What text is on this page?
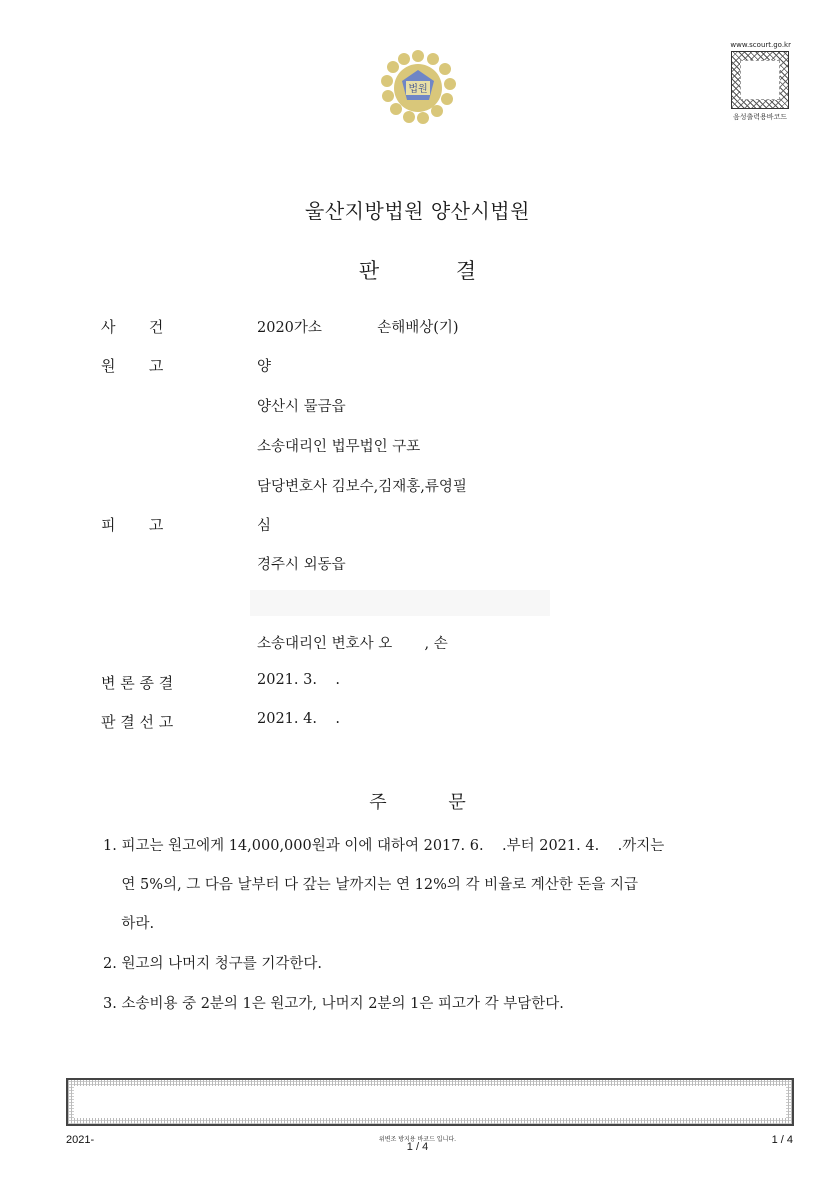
법원
www.scourt.go.kr
음성출력용바코드
울산지방법원 양산시법원
판 결
사       건	2020가소            손해배상(기)
원       고	양
양산시 물금읍
소송대리인 법무법인 구포
담당변호사 김보수,김재홍,류영필
피       고	심
경주시 외동읍
소송대리인 변호사 오       , 손
변 론 종 결	2021. 3.    .
판 결 선 고	2021. 4.    .
주 문
1. 피고는 원고에게 14,000,000원과 이에 대하여 2017. 6.    .부터 2021. 4.    .까지는
연 5%의, 그 다음 날부터 다 갚는 날까지는 연 12%의 각 비율로 계산한 돈을 지급
하라.
2. 원고의 나머지 청구를 기각한다.
3. 소송비용 중 2분의 1은 원고가, 나머지 2분의 1은 피고가 각 부담한다.
2021-	위변조 방지용 바코드 입니다.
1 / 4
1 / 4
